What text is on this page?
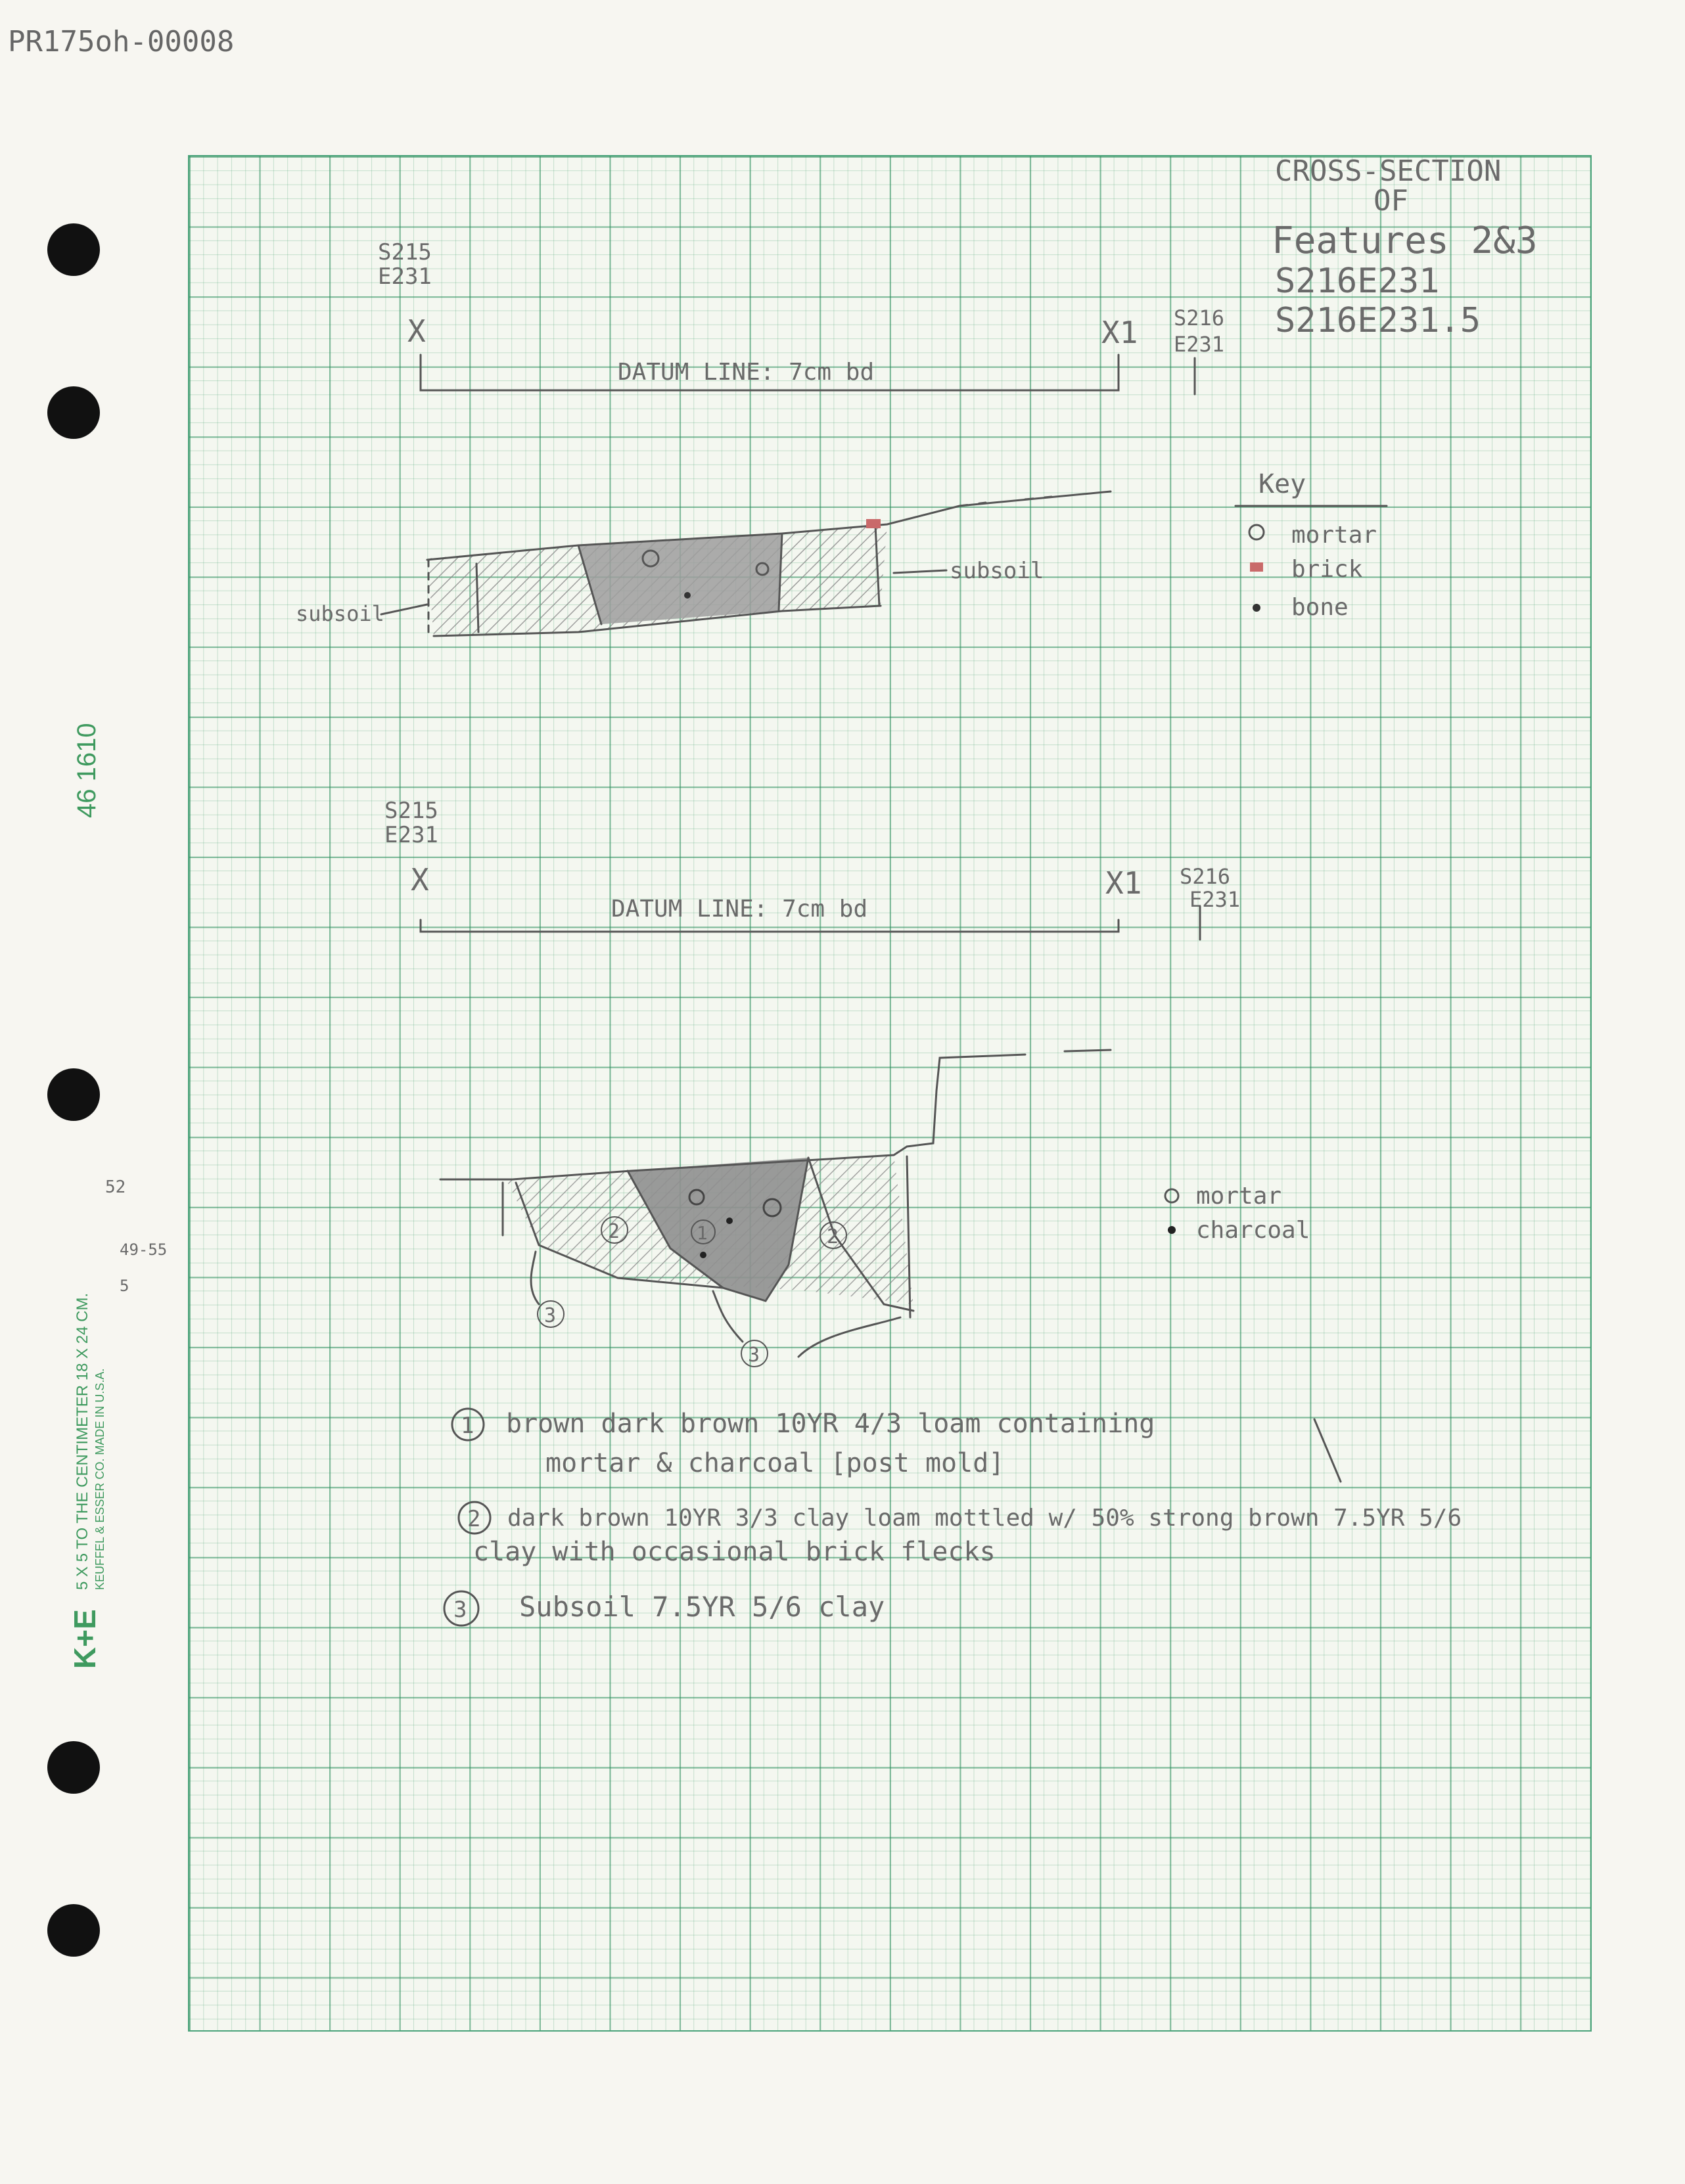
PR175oh-00008
46 1610
K+E
5 X 5 TO THE CENTIMETER 18 X 24 CM. KEUFFEL & ESSER CO. MADE IN U.S.A.
52
49-55
5
CROSS-SECTION
OF
Features 2&3
S216E231
S216E231.5
S215
E231
X	X1 S216
E231
DATUM LINE: 7cm bd
subsoil
subsoil
Key
mortar
brick
bone
S215
E231
X	X1 S216
E231
DATUM LINE: 7cm bd
2	1	2
3
3
mortar
charcoal
1 brown dark brown 10YR 4/3 loam containing
mortar & charcoal [post mold]
2 dark brown 10YR 3/3 clay loam mottled w/ 50% strong brown 7.5YR 5/6
clay with occasional brick flecks
3 Subsoil 7.5YR 5/6 clay
